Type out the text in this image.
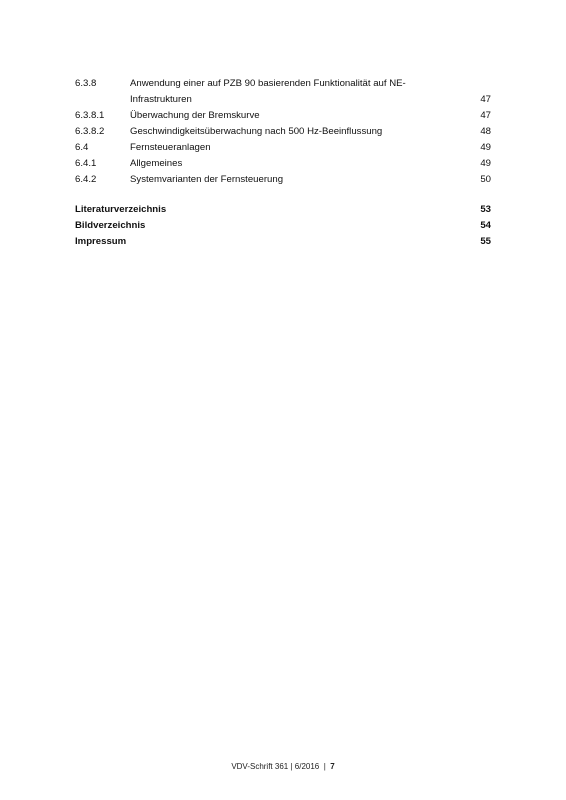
6.3.8	Anwendung einer auf PZB 90 basierenden Funktionalität auf NE-
Infrastrukturen	47
6.3.8.1	Überwachung der Bremskurve	47
6.3.8.2	Geschwindigkeitsüberwachung nach 500 Hz-Beeinflussung	48
6.4	Fernsteueranlagen	49
6.4.1	Allgemeines	49
6.4.2	Systemvarianten der Fernsteuerung	50
Literaturverzeichnis	53
Bildverzeichnis	54
Impressum	55
VDV-Schrift 361 | 6/2016 | 7
